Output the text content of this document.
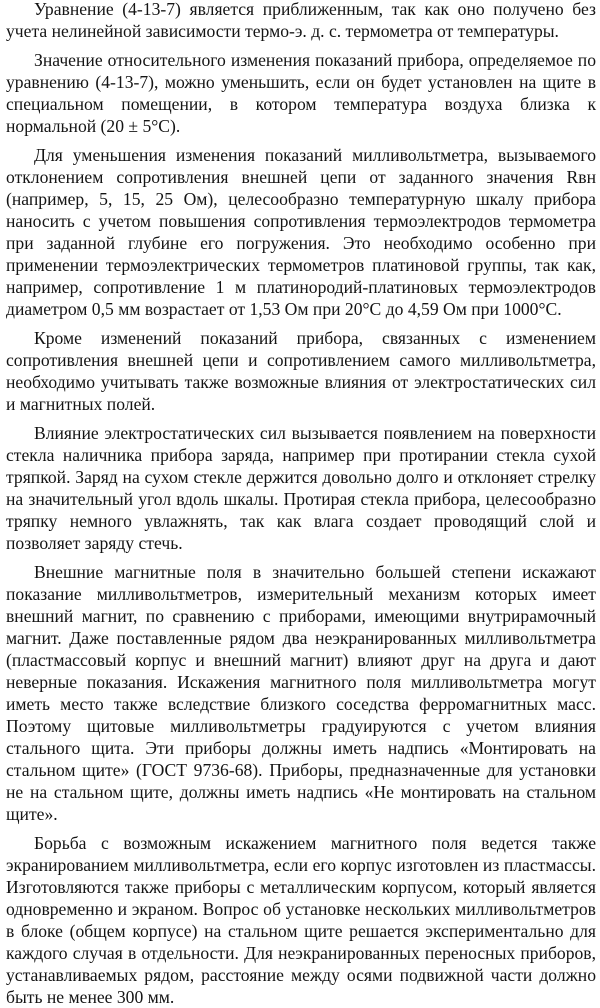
Уравнение (4-13-7) является приближенным, так как оно получено без учета нелинейной зависимости термо-э. д. с. термометра от температуры.

Значение относительного изменения показаний прибора, определяемое по уравнению (4-13-7), можно уменьшить, если он будет установлен на щите в специальном помещении, в котором температура воздуха близка к нормальной (20 ± 5°С).

Для уменьшения изменения показаний милливольтметра, вызываемого отклонением сопротивления внешней цепи от заданного значения Rвн (например, 5, 15, 25 Ом), целесообразно температурную шкалу прибора наносить с учетом повышения сопротивления термоэлектродов термометра при заданной глубине его погружения. Это необходимо особенно при применении термоэлектрических термометров платиновой группы, так как, например, сопротивление 1 м платинородий-платиновых термоэлектродов диаметром 0,5 мм возрастает от 1,53 Ом при 20°С до 4,59 Ом при 1000°С.

Кроме изменений показаний прибора, связанных с изменением сопротивления внешней цепи и сопротивлением самого милливольтметра, необходимо учитывать также возможные влияния от электростатических сил и магнитных полей.

Влияние электростатических сил вызывается появлением на поверхности стекла наличника прибора заряда, например при протирании стекла сухой тряпкой. Заряд на сухом стекле держится довольно долго и отклоняет стрелку на значительный угол вдоль шкалы. Протирая стекла прибора, целесообразно тряпку немного увлажнять, так как влага создает проводящий слой и позволяет заряду стечь.

Внешние магнитные поля в значительно большей степени искажают показание милливольтметров, измерительный механизм которых имеет внешний магнит, по сравнению с приборами, имеющими внутрирамочный магнит. Даже поставленные рядом два неэкранированных милливольтметра (пластмассовый корпус и внешний магнит) влияют друг на друга и дают неверные показания. Искажения магнитного поля милливольтметра могут иметь место также вследствие близкого соседства ферромагнитных масс. Поэтому щитовые милливольтметры градуируются с учетом влияния стального щита. Эти приборы должны иметь надпись «Монтировать на стальном щите» (ГОСТ 9736-68). Приборы, предназначенные для установки не на стальном щите, должны иметь надпись «Не монтировать на стальном щите».

Борьба с возможным искажением магнитного поля ведется также экранированием милливольтметра, если его корпус изготовлен из пластмассы. Изготовляются также приборы с металлическим корпусом, который является одновременно и экраном. Вопрос об установке нескольких милливольтметров в блоке (общем корпусе) на стальном щите решается экспериментально для каждого случая в отдельности. Для неэкранированных переносных приборов, устанавливаемых рядом, расстояние между осями подвижной части должно быть не менее 300 мм.
